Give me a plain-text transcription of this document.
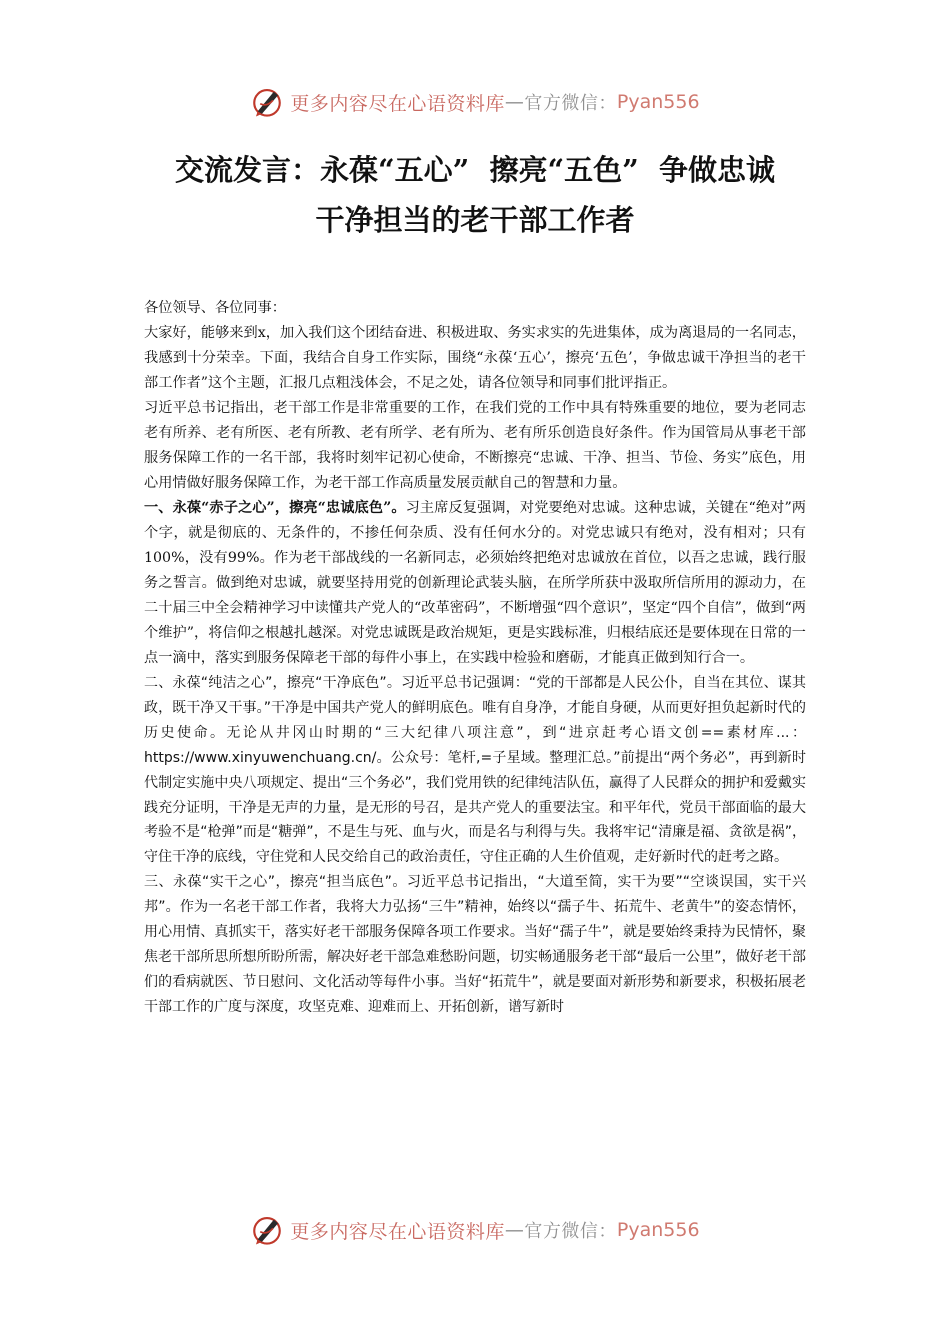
更多内容尽在心语资料库 — 官方微信： Pyan556
交流发言：永葆“五心”  擦亮“五色”  争做忠诚
干净担当的老干部工作者

各位领导、各位同事：

大家好，能够来到x，加入我们这个团结奋进、积极进取、务实求实的先进集体，成为离退局的一名同志，我感到十分荣幸。下面，我结合自身工作实际，围绕“永葆‘五心’，擦亮‘五色’，争做忠诚干净担当的老干部工作者”这个主题，汇报几点粗浅体会，不足之处，请各位领导和同事们批评指正。

习近平总书记指出，老干部工作是非常重要的工作，在我们党的工作中具有特殊重要的地位，要为老同志老有所养、老有所医、老有所教、老有所学、老有所为、老有所乐创造良好条件。作为国管局从事老干部服务保障工作的一名干部，我将时刻牢记初心使命，不断擦亮“忠诚、干净、担当、节俭、务实”底色，用心用情做好服务保障工作，为老干部工作高质量发展贡献自己的智慧和力量。

一、永葆“赤子之心”，擦亮“忠诚底色”。习主席反复强调，对党要绝对忠诚。这种忠诚，关键在“绝对”两个字，就是彻底的、无条件的，不掺任何杂质、没有任何水分的。对党忠诚只有绝对，没有相对；只有100%，没有99%。作为老干部战线的一名新同志，必须始终把绝对忠诚放在首位，以吾之忠诚，践行服务之誓言。做到绝对忠诚，就要坚持用党的创新理论武装头脑，在所学所获中汲取所信所用的源动力，在二十届三中全会精神学习中读懂共产党人的“改革密码”，不断增强“四个意识”，坚定“四个自信”，做到“两个维护”，将信仰之根越扎越深。对党忠诚既是政治规矩，更是实践标准，归根结底还是要体现在日常的一点一滴中，落实到服务保障老干部的每件小事上，在实践中检验和磨砺，才能真正做到知行合一。

二、永葆“纯洁之心”，擦亮“干净底色”。习近平总书记强调：“党的干部都是人民公仆，自当在其位、谋其政，既干净又干事。”干净是中国共产党人的鲜明底色。唯有自身净，才能自身硬，从而更好担负起新时代的历史使命。无论从井冈山时期的“三大纪律八项注意”，到“进京赶考心语文创==素材库...：https://www.xinyuwenchuang.cn/。公众号：笔杆,=子星域。整理汇总。”前提出“两个务必”，再到新时代制定实施中央八项规定、提出“三个务必”，我们党用铁的纪律纯洁队伍，赢得了人民群众的拥护和爱戴实践充分证明，干净是无声的力量，是无形的号召，是共产党人的重要法宝。和平年代，党员干部面临的最大考验不是“枪弹”而是“糖弹”，不是生与死、血与火，而是名与利得与失。我将牢记“清廉是福、贪欲是祸”，守住干净的底线，守住党和人民交给自己的政治责任，守住正确的人生价值观，走好新时代的赶考之路。

三、永葆“实干之心”，擦亮“担当底色”。习近平总书记指出，“大道至简，实干为要”“空谈误国，实干兴邦”。作为一名老干部工作者，我将大力弘扬“三牛”精神，始终以“孺子牛、拓荒牛、老黄牛”的姿态情怀，用心用情、真抓实干，落实好老干部服务保障各项工作要求。当好“孺子牛”，就是要始终秉持为民情怀，聚焦老干部所思所想所盼所需，解决好老干部急难愁盼问题，切实畅通服务老干部“最后一公里”，做好老干部们的看病就医、节日慰问、文化活动等每件小事。当好“拓荒牛”，就是要面对新形势和新要求，积极拓展老干部工作的广度与深度，攻坚克难、迎难而上、开拓创新，谱写新时

更多内容尽在心语资料库 — 官方微信： Pyan556
